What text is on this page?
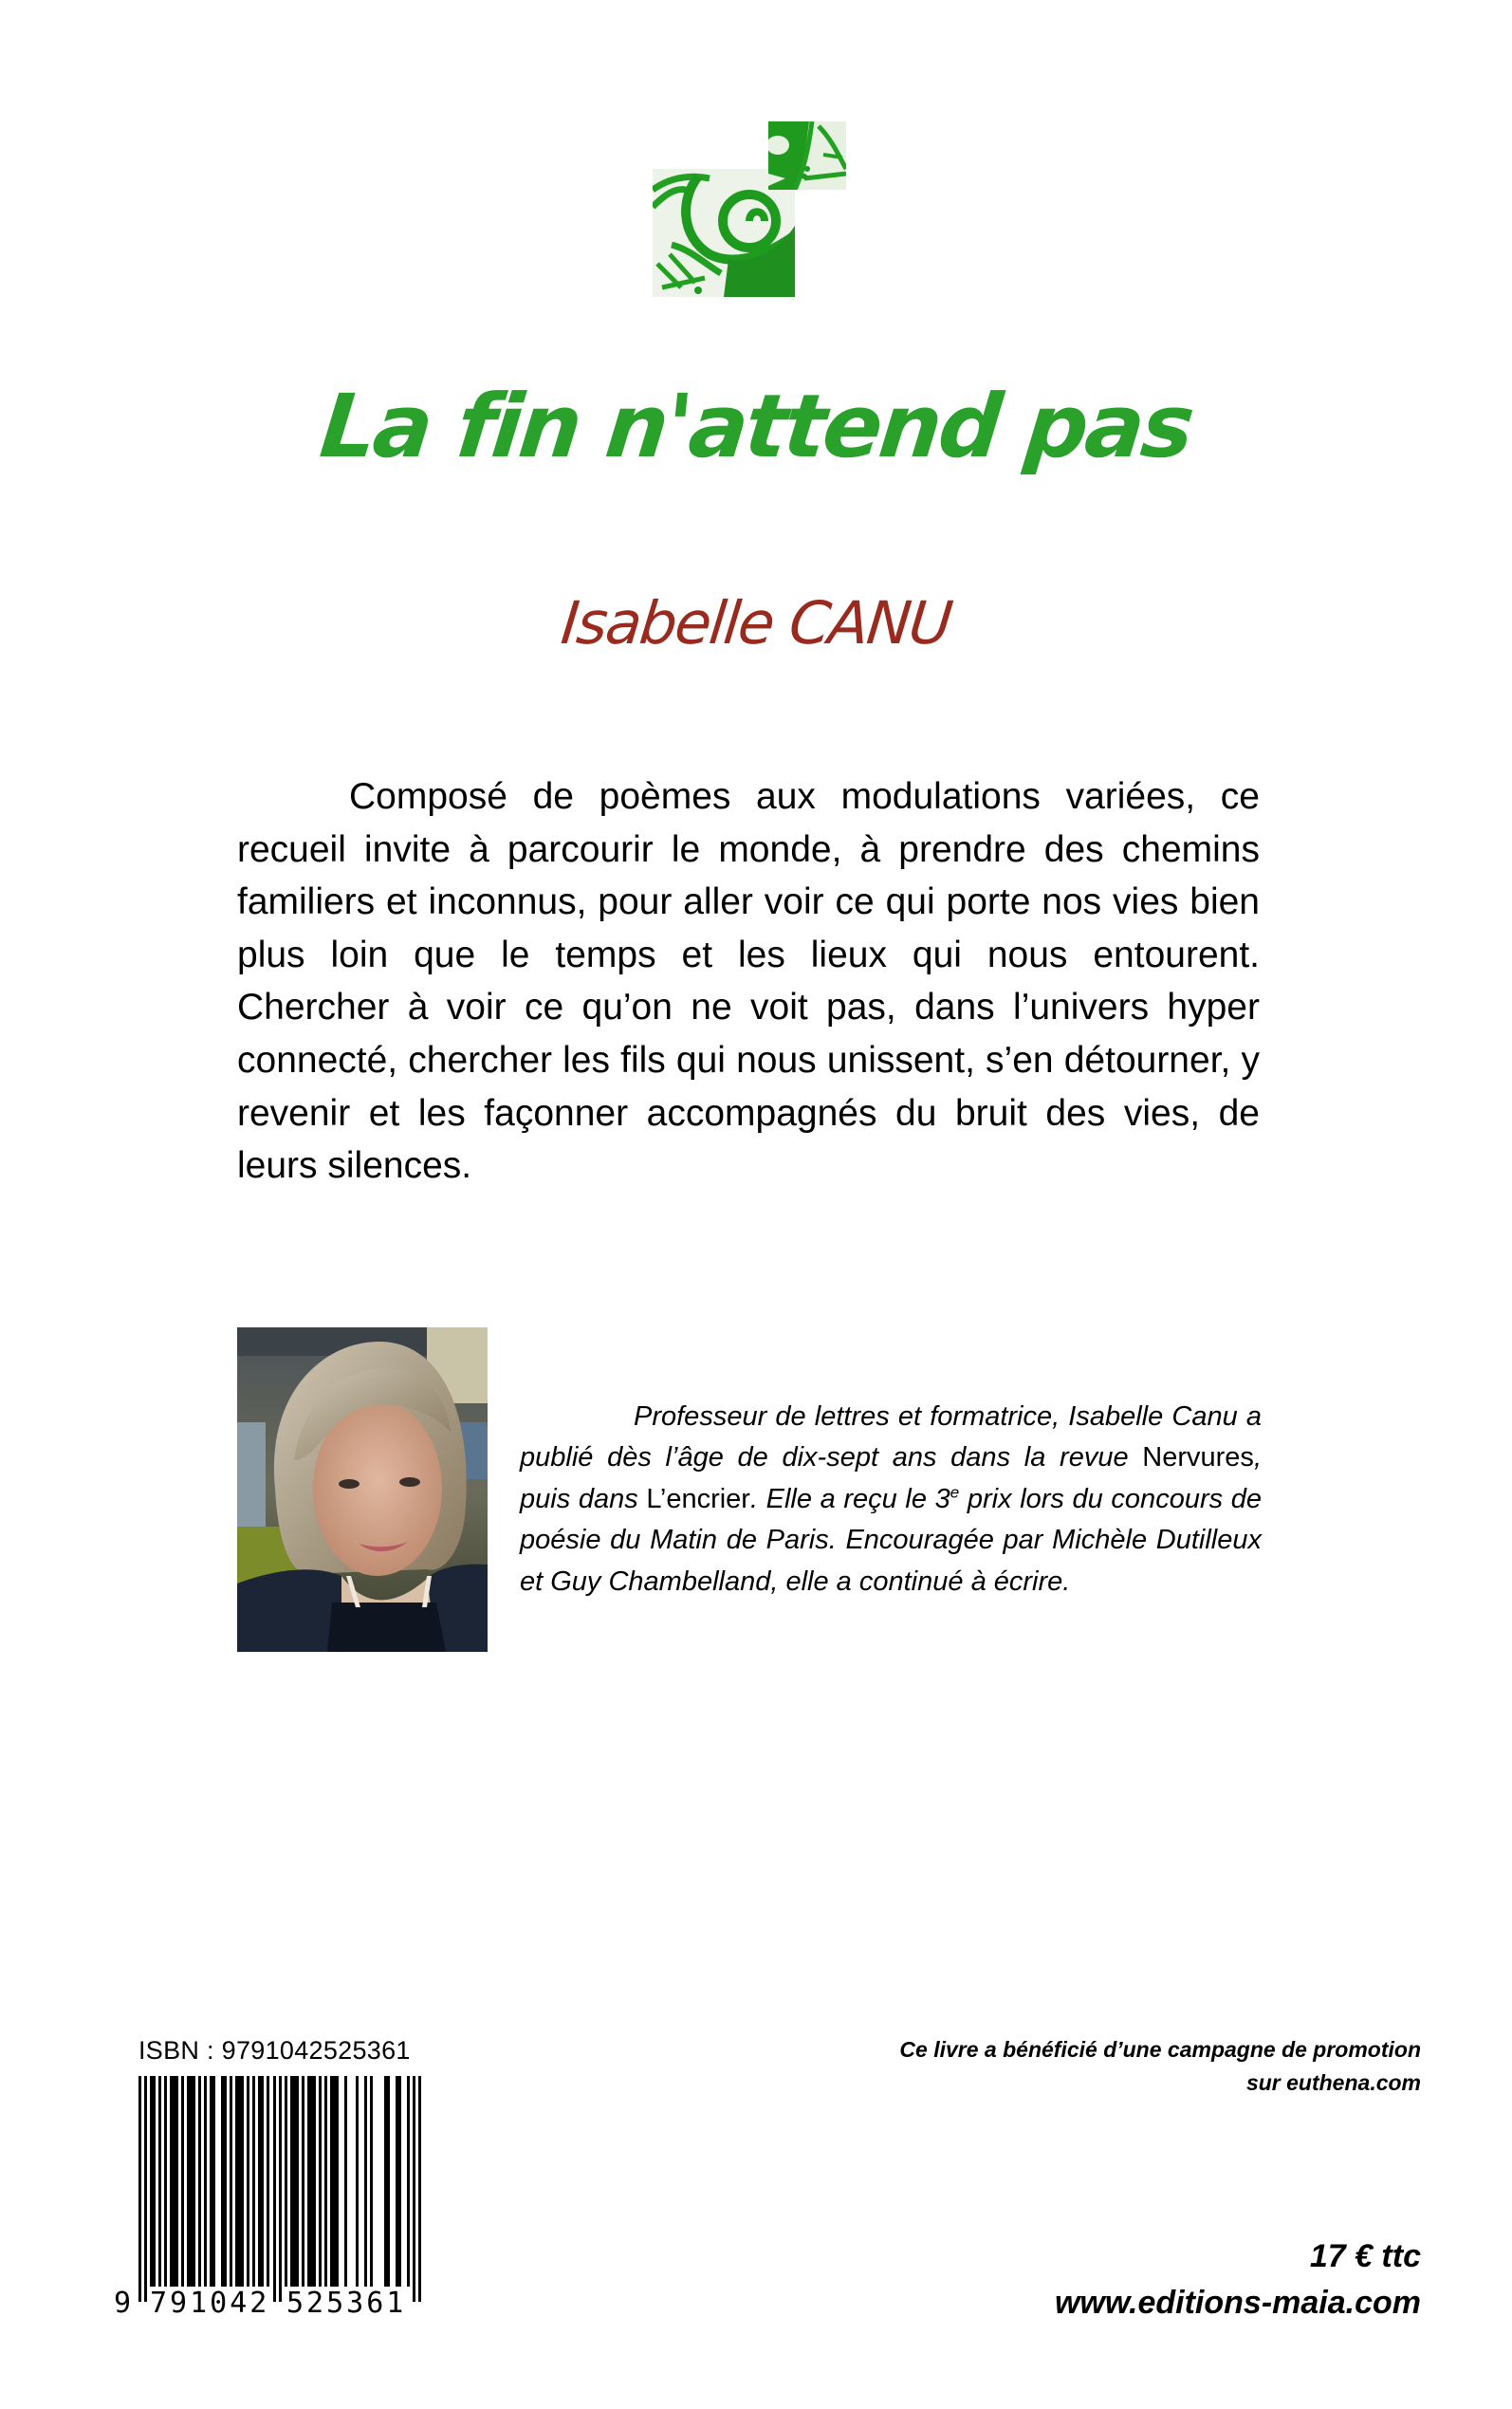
La fin n'attend pas
Isabelle CANU

Composé de poèmes aux modulations variées, ce recueil invite à parcourir le monde, à prendre des chemins familiers et inconnus, pour aller voir ce qui porte nos vies bien plus loin que le temps et les lieux qui nous entourent. Chercher à voir ce qu’on ne voit pas, dans l’univers hyper connecté, chercher les fils qui nous unissent, s’en détourner, y revenir et les façonner accompagnés du bruit des vies, de leurs silences.

Professeur de lettres et formatrice, Isabelle Canu a publié dès l’âge de dix-sept ans dans la revue Nervures, puis dans L’encrier. Elle a reçu le 3e prix lors du concours de poésie du Matin de Paris. Encouragée par Michèle Dutilleux et Guy Chambelland, elle a continué à écrire.

ISBN : 9791042525361
9 791042 525361
Ce livre a bénéficié d’une campagne de promotion
sur euthena.com
17 € ttc
www.editions-maia.com
